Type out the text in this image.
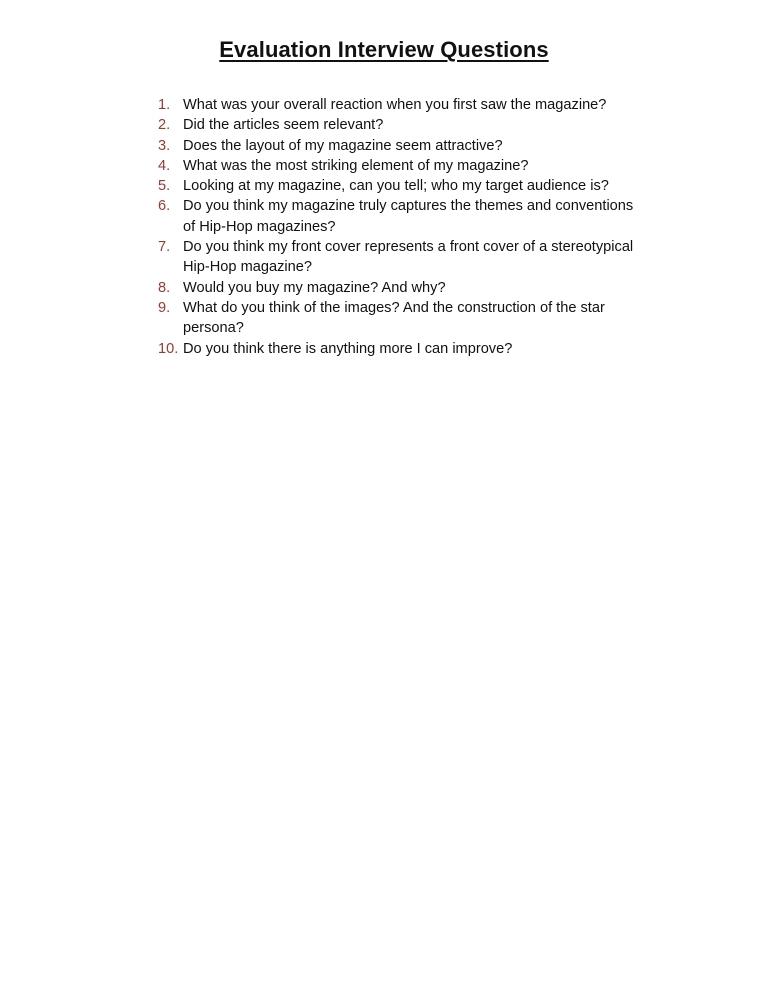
Evaluation Interview Questions
1. What was your overall reaction when you first saw the magazine?
2. Did the articles seem relevant?
3. Does the layout of my magazine seem attractive?
4. What was the most striking element of my magazine?
5. Looking at my magazine, can you tell; who my target audience is?
6. Do you think my magazine truly captures the themes and conventions of Hip-Hop magazines?
7. Do you think my front cover represents a front cover of a stereotypical Hip-Hop magazine?
8. Would you buy my magazine? And why?
9. What do you think of the images? And the construction of the star persona?
10. Do you think there is anything more I can improve?
